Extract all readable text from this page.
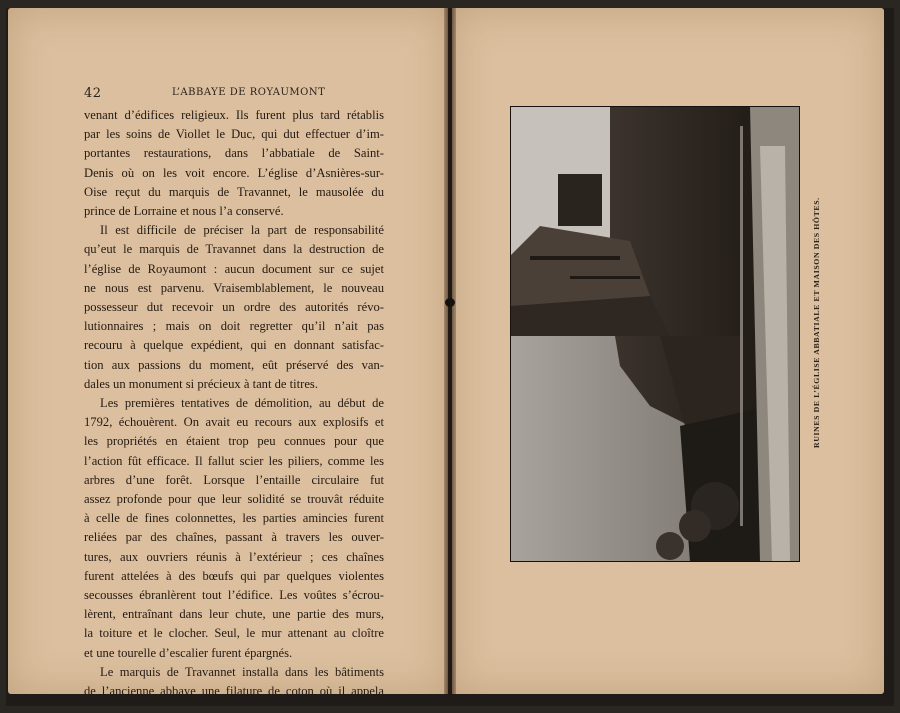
42	L’ABBAYE DE ROYAUMONT
venant d’édifices religieux. Ils furent plus tard rétablis
par les soins de Viollet le Duc, qui dut effectuer d’im-
portantes restaurations, dans l’abbatiale de Saint-
Denis où on les voit encore. L’église d’Asnières-sur-
Oise reçut du marquis de Travannet, le mausolée du
prince de Lorraine et nous l’a conservé.
Il est difficile de préciser la part de responsabilité
qu’eut le marquis de Travannet dans la destruction de
l’église de Royaumont : aucun document sur ce sujet
ne nous est parvenu. Vraisemblablement, le nouveau
possesseur dut recevoir un ordre des autorités révo-
lutionnaires ; mais on doit regretter qu’il n’ait pas
recouru à quelque expédient, qui en donnant satisfac-
tion aux passions du moment, eût préservé des van-
dales un monument si précieux à tant de titres.
Les premières tentatives de démolition, au début de
1792, échouèrent. On avait eu recours aux explosifs et
les propriétés en étaient trop peu connues pour que
l’action fût efficace. Il fallut scier les piliers, comme les
arbres d’une forêt. Lorsque l’entaille circulaire fut
assez profonde pour que leur solidité se trouvât réduite
à celle de fines colonnettes, les parties amincies furent
reliées par des chaînes, passant à travers les ouver-
tures, aux ouvriers réunis à l’extérieur ; ces chaînes
furent attelées à des bœufs qui par quelques violentes
secousses ébranlèrent tout l’édifice. Les voûtes s’écrou-
lèrent, entraînant dans leur chute, une partie des murs,
la toiture et le clocher. Seul, le mur attenant au cloître
et une tourelle d’escalier furent épargnés.
Le marquis de Travannet installa dans les bâtiments
de l’ancienne abbaye une filature de coton où il appela
RUINES DE L’ÉGLISE ABBATIALE ET MAISON DES HÔTES.
